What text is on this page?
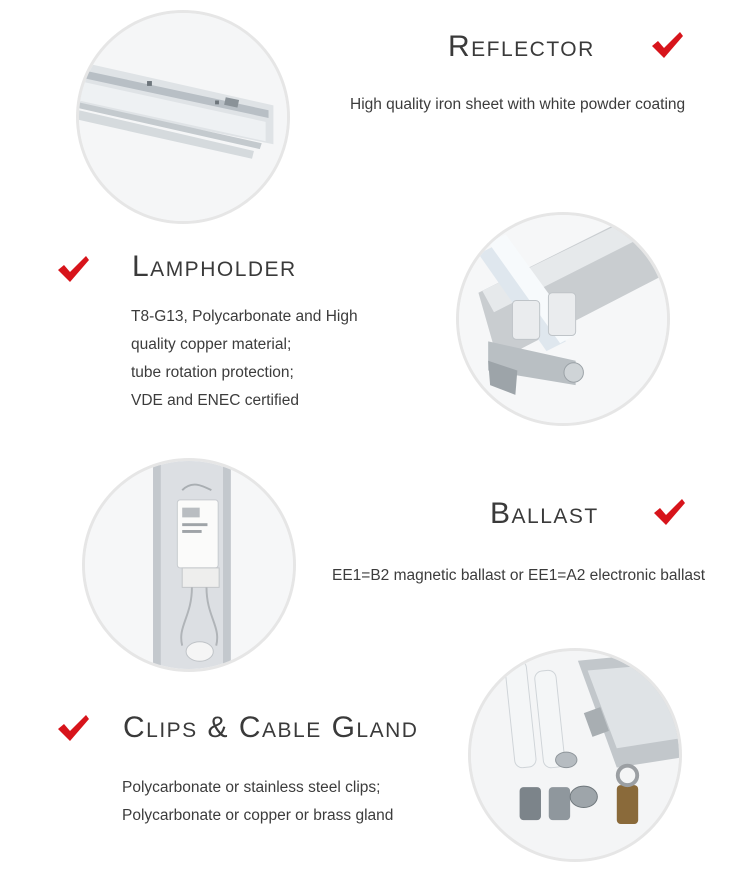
Reflector
High quality iron sheet with white powder coating
Lampholder
T8-G13, Polycarbonate and High
quality copper material;
tube rotation protection;
VDE and ENEC certified
Ballast
EE1=B2 magnetic ballast or EE1=A2 electronic ballast
Clips & Cable Gland
Polycarbonate or stainless steel clips;
Polycarbonate or copper or brass gland
